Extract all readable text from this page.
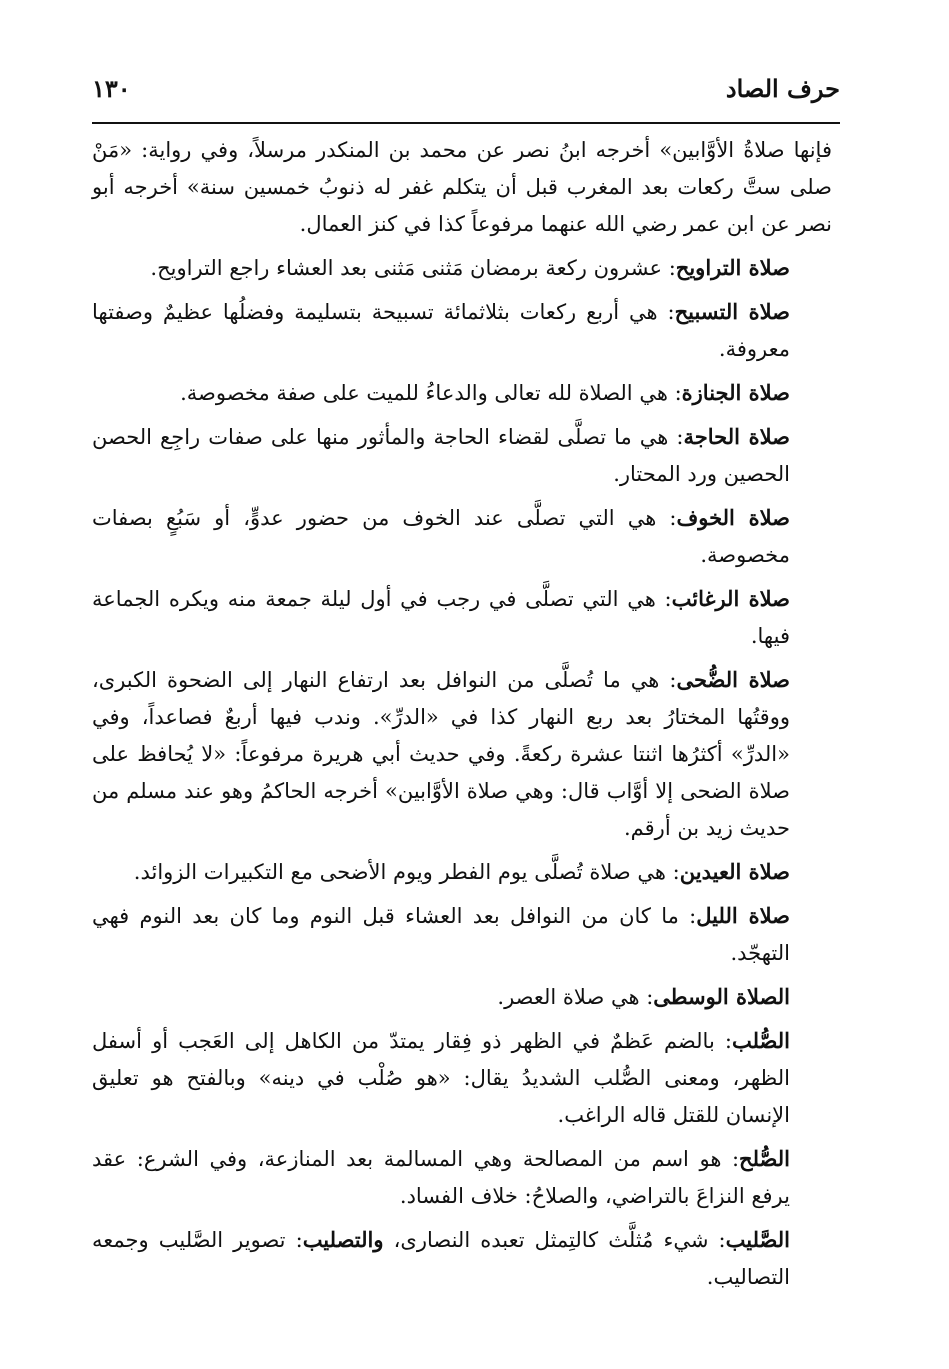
حرف الصاد
١٣٠

فإنها صلاةُ الأوَّابين» أخرجه ابنُ نصر عن محمد بن المنكدر مرسلاً، وفي رواية: «مَنْ صلى ستَّ ركعات بعد المغرب قبل أن يتكلم غفر له ذنوبُ خمسين سنة» أخرجه أبو نصر عن ابن عمر رضي الله عنهما مرفوعاً كذا في كنز العمال.

صلاة التراويح: عشرون ركعة برمضان مَثنى مَثنى بعد العشاء راجع التراويح.

صلاة التسبيح: هي أربع ركعات بثلاثمائة تسبيحة بتسليمة وفضلُها عظيمٌ وصفتها معروفة.

صلاة الجنازة: هي الصلاة لله تعالى والدعاءُ للميت على صفة مخصوصة.

صلاة الحاجة: هي ما تصلَّى لقضاء الحاجة والمأثور منها على صفات راجِع الحصن الحصين ورد المحتار.

صلاة الخوف: هي التي تصلَّى عند الخوف من حضور عدوٍّ، أو سَبُعٍ بصفات مخصوصة.

صلاة الرغائب: هي التي تصلَّى في رجب في أول ليلة جمعة منه ويكره الجماعة فيها.

صلاة الضُّحى: هي ما تُصلَّى من النوافل بعد ارتفاع النهار إلى الضحوة الكبرى، ووقتُها المختارُ بعد ربع النهار كذا في «الدرِّ». وندب فيها أربعٌ فصاعداً، وفي «الدرِّ» أكثرُها اثنتا عشرة ركعةً. وفي حديث أبي هريرة مرفوعاً: «لا يُحافظ على صلاة الضحى إلا أوَّاب قال: وهي صلاة الأوَّابين» أخرجه الحاكمُ وهو عند مسلم من حديث زيد بن أرقم.

صلاة العيدين: هي صلاة تُصلَّى يوم الفطر ويوم الأضحى مع التكبيرات الزوائد.

صلاة الليل: ما كان من النوافل بعد العشاء قبل النوم وما كان بعد النوم فهي التهجّد.

الصلاة الوسطى: هي صلاة العصر.

الصُّلب: بالضم عَظمٌ في الظهر ذو فِقار يمتدّ من الكاهل إلى العَجب أو أسفل الظهر، ومعنى الصُّلب الشديدُ يقال: «هو صُلْب في دينه» وبالفتح هو تعليق الإنسان للقتل قاله الراغب.

الصُّلح: هو اسم من المصالحة وهي المسالمة بعد المنازعة، وفي الشرع: عقد يرفع النزاعَ بالتراضي، والصلاحُ: خلاف الفساد.

الصَّليب: شيء مُثلَّث كالتِمثل تعبده النصارى، والتصليب: تصوير الصَّليب وجمعه التصاليب.
